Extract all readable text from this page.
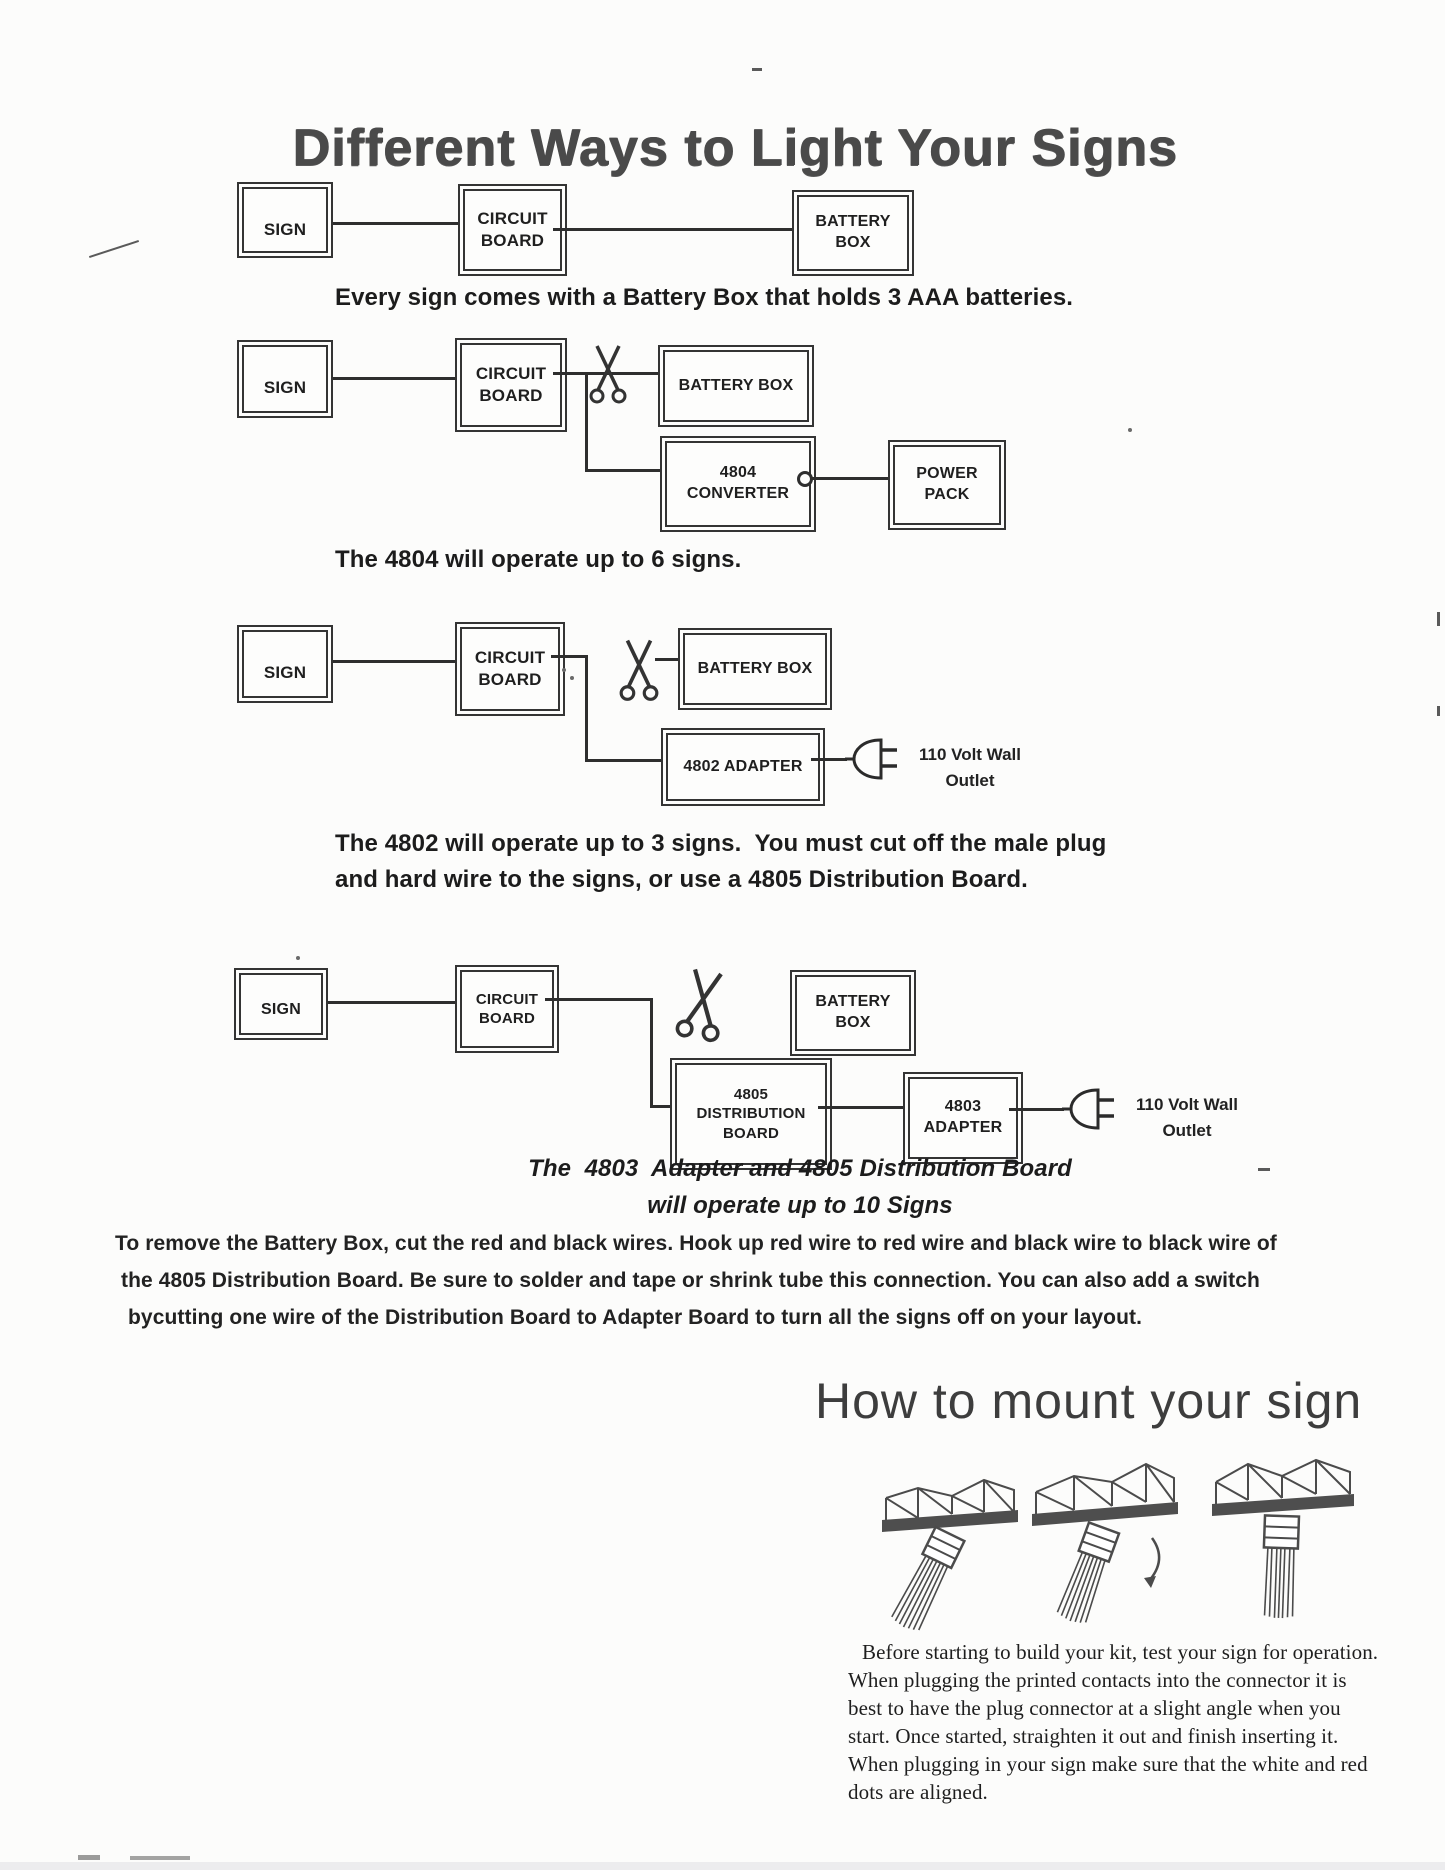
Different Ways to Light Your Signs
SIGN
CIRCUIT
BOARD
BATTERY
BOX
Every sign comes with a Battery Box that holds 3 AAA batteries.
SIGN
CIRCUIT
BOARD
BATTERY BOX
4804
CONVERTER
POWER
PACK
The 4804 will operate up to 6 signs.
SIGN
CIRCUIT
BOARD
BATTERY BOX
4802 ADAPTER
110 Volt Wall
Outlet
The 4802 will operate up to 3 signs.  You must cut off the male plug
and hard wire to the signs, or use a 4805 Distribution Board.
SIGN
CIRCUIT
BOARD
BATTERY
BOX
4805
DISTRIBUTION
BOARD
4803
ADAPTER
110 Volt Wall
Outlet
The  4803  Adapter and 4805 Distribution Board
will operate up to 10 Signs
To remove the Battery Box, cut the red and black wires. Hook up red wire to red wire and black wire to black wire of
the 4805 Distribution Board. Be sure to solder and tape or shrink tube this connection. You can also add a switch
bycutting one wire of the Distribution Board to Adapter Board to turn all the signs off on your layout.
How to mount your sign
Before starting to build your kit, test your sign for operation.
When plugging the printed contacts into the connector it is
best to have the plug connector at a slight angle when you
start. Once started, straighten it out and finish inserting it.
When plugging in your sign make sure that the white and red
dots are aligned.
